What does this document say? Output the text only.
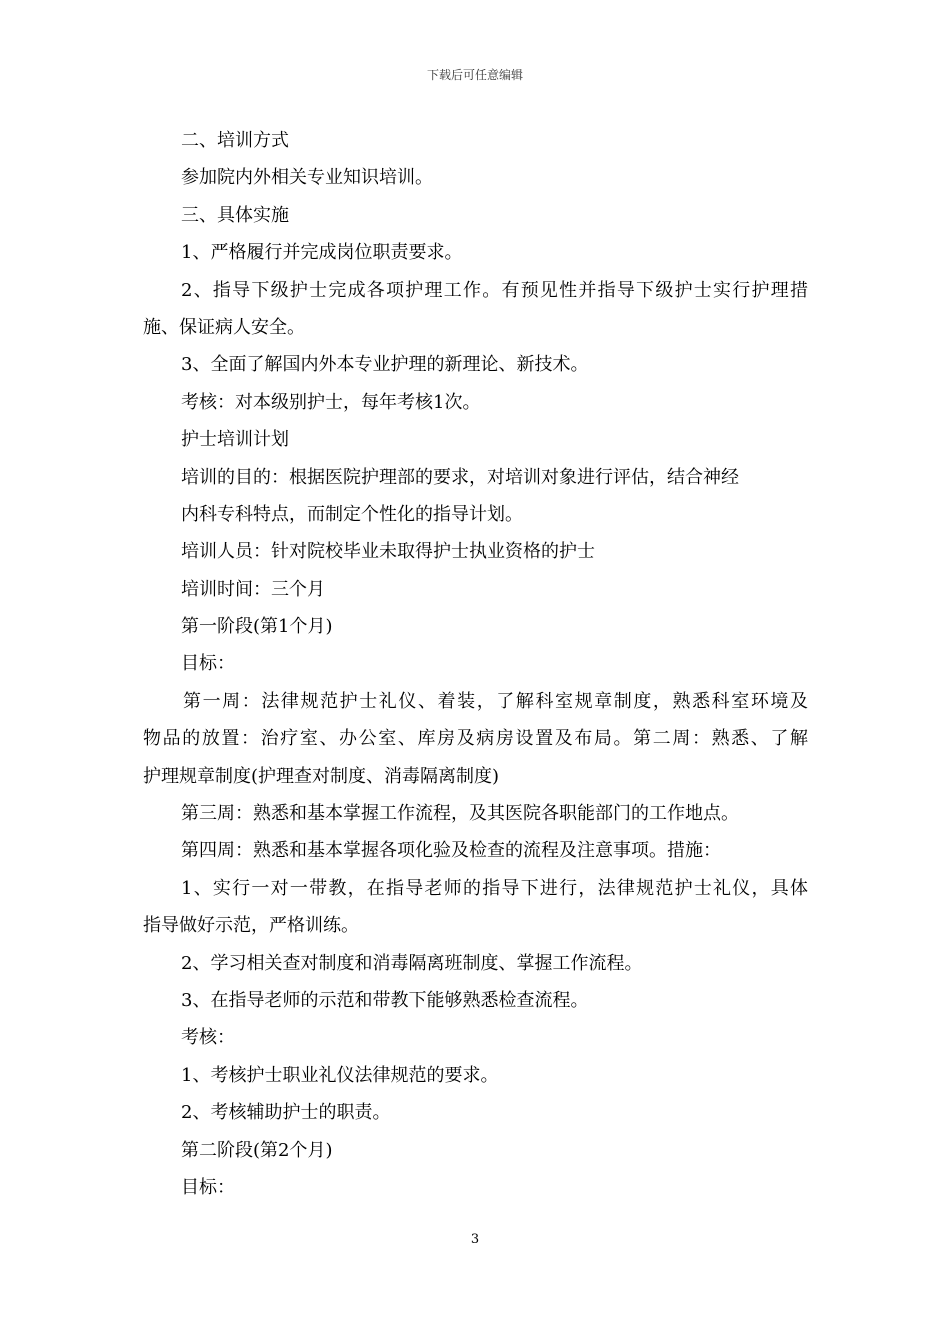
下载后可任意编辑
二、培训方式
参加院内外相关专业知识培训。
三、具体实施
1、严格履行并完成岗位职责要求。
2、指导下级护士完成各项护理工作。有预见性并指导下级护士实行护理措
施、保证病人安全。
3、全面了解国内外本专业护理的新理论、新技术。
考核：对本级别护士，每年考核1次。
护士培训计划
培训的目的：根据医院护理部的要求，对培训对象进行评估，结合神经
内科专科特点，而制定个性化的指导计划。
培训人员：针对院校毕业未取得护士执业资格的护士
培训时间：三个月
第一阶段(第1个月)
目标：
第一周：法律规范护士礼仪、着装，了解科室规章制度，熟悉科室环境及
物品的放置：治疗室、办公室、库房及病房设置及布局。第二周：熟悉、了解
护理规章制度(护理查对制度、消毒隔离制度)
第三周：熟悉和基本掌握工作流程，及其医院各职能部门的工作地点。
第四周：熟悉和基本掌握各项化验及检查的流程及注意事项。措施：
1、实行一对一带教，在指导老师的指导下进行，法律规范护士礼仪，具体
指导做好示范，严格训练。
2、学习相关查对制度和消毒隔离班制度、掌握工作流程。
3、在指导老师的示范和带教下能够熟悉检查流程。
考核：
1、考核护士职业礼仪法律规范的要求。
2、考核辅助护士的职责。
第二阶段(第2个月)
目标：
3
